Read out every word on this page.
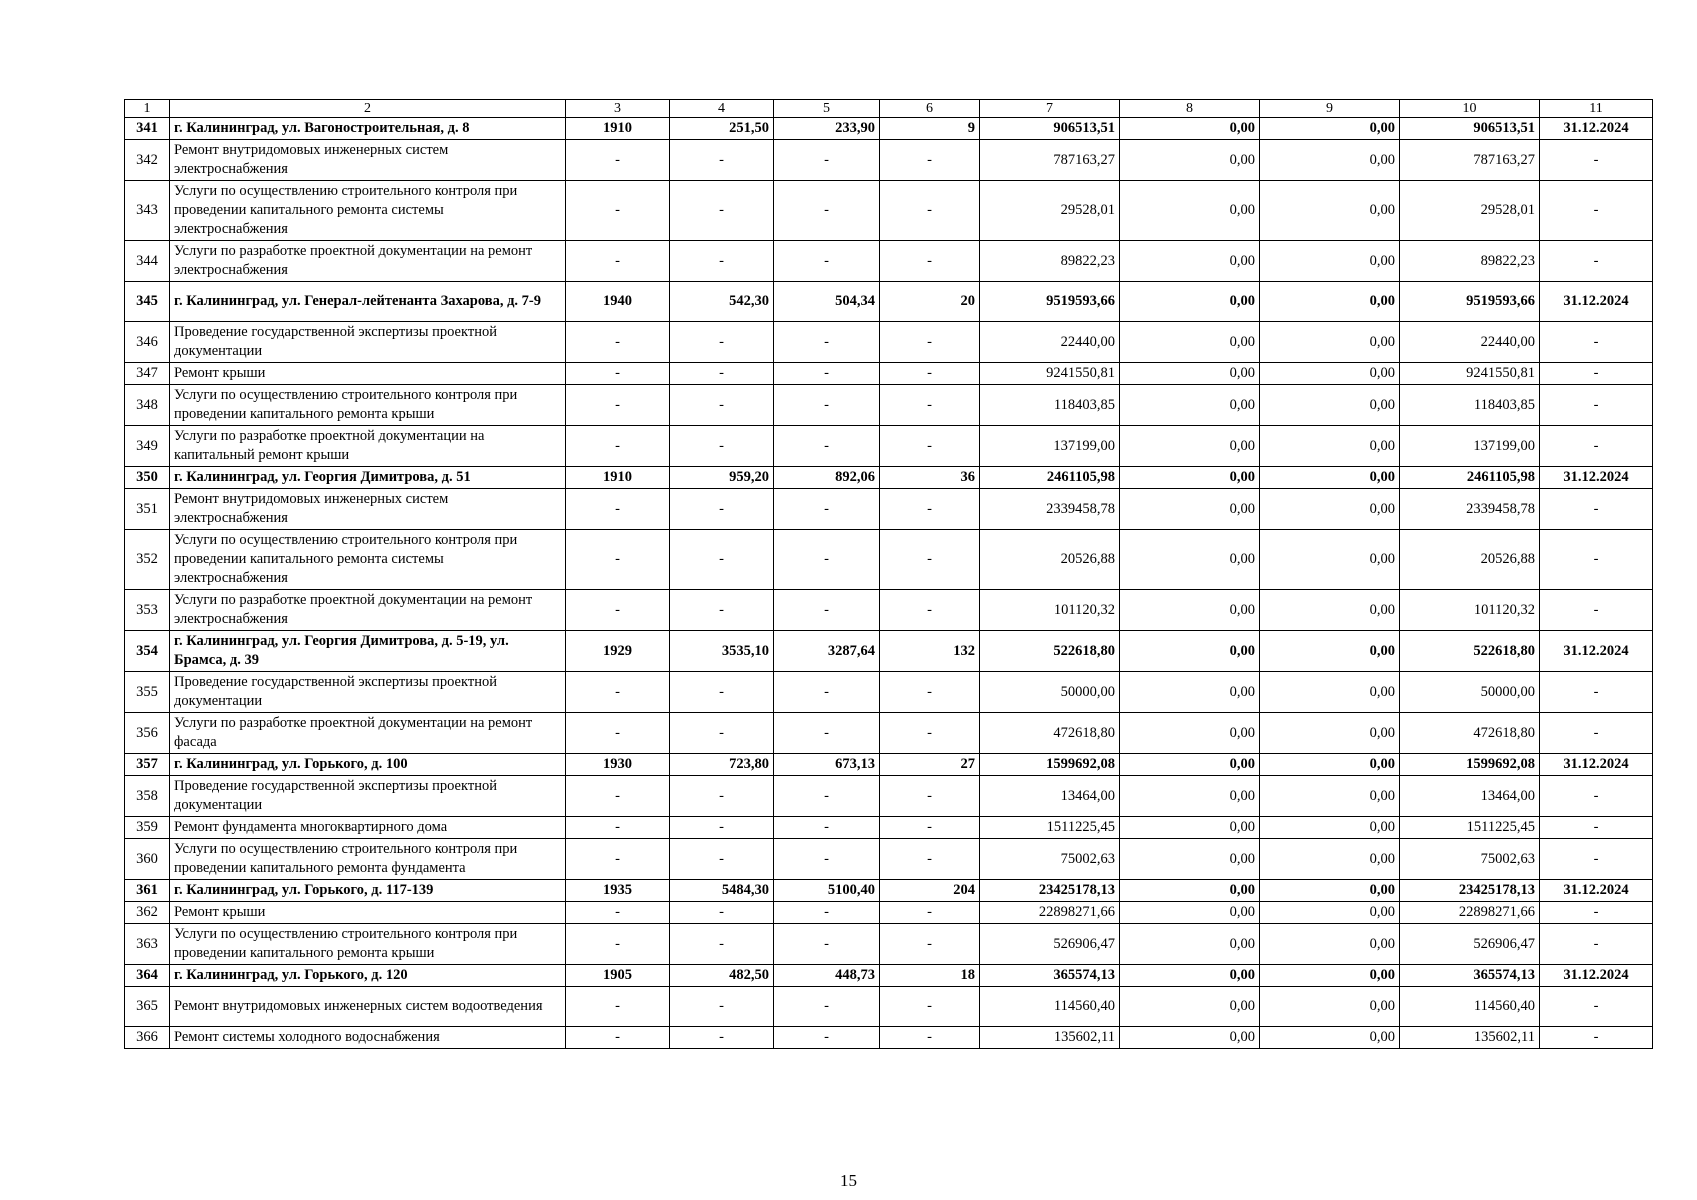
1	2	3	4	5	6	7	8	9	10	11
341	г. Калининград, ул. Вагоностроительная, д. 8	1910	251,50	233,90	9	906513,51	0,00	0,00	906513,51	31.12.2024
342	Ремонт внутридомовых инженерных систем электроснабжения	-	-	-	-	787163,27	0,00	0,00	787163,27	-
343	Услуги по осуществлению строительного контроля при проведении капитального ремонта системы электроснабжения	-	-	-	-	29528,01	0,00	0,00	29528,01	-
344	Услуги по разработке проектной документации на ремонт электроснабжения	-	-	-	-	89822,23	0,00	0,00	89822,23	-
345	г. Калининград, ул. Генерал-лейтенанта Захарова, д. 7-9	1940	542,30	504,34	20	9519593,66	0,00	0,00	9519593,66	31.12.2024
346	Проведение государственной экспертизы проектной документации	-	-	-	-	22440,00	0,00	0,00	22440,00	-
347	Ремонт крыши	-	-	-	-	9241550,81	0,00	0,00	9241550,81	-
348	Услуги по осуществлению строительного контроля при проведении капитального ремонта крыши	-	-	-	-	118403,85	0,00	0,00	118403,85	-
349	Услуги по разработке проектной документации на капитальный ремонт крыши	-	-	-	-	137199,00	0,00	0,00	137199,00	-
350	г. Калининград, ул. Георгия Димитрова, д. 51	1910	959,20	892,06	36	2461105,98	0,00	0,00	2461105,98	31.12.2024
351	Ремонт внутридомовых инженерных систем электроснабжения	-	-	-	-	2339458,78	0,00	0,00	2339458,78	-
352	Услуги по осуществлению строительного контроля при проведении капитального ремонта системы электроснабжения	-	-	-	-	20526,88	0,00	0,00	20526,88	-
353	Услуги по разработке проектной документации на ремонт электроснабжения	-	-	-	-	101120,32	0,00	0,00	101120,32	-
354	г. Калининград, ул. Георгия Димитрова, д. 5-19, ул. Брамса, д. 39	1929	3535,10	3287,64	132	522618,80	0,00	0,00	522618,80	31.12.2024
355	Проведение государственной экспертизы проектной документации	-	-	-	-	50000,00	0,00	0,00	50000,00	-
356	Услуги по разработке проектной документации на ремонт фасада	-	-	-	-	472618,80	0,00	0,00	472618,80	-
357	г. Калининград, ул. Горького, д. 100	1930	723,80	673,13	27	1599692,08	0,00	0,00	1599692,08	31.12.2024
358	Проведение государственной экспертизы проектной документации	-	-	-	-	13464,00	0,00	0,00	13464,00	-
359	Ремонт фундамента многоквартирного дома	-	-	-	-	1511225,45	0,00	0,00	1511225,45	-
360	Услуги по осуществлению строительного контроля при проведении капитального ремонта фундамента	-	-	-	-	75002,63	0,00	0,00	75002,63	-
361	г. Калининград, ул. Горького, д. 117-139	1935	5484,30	5100,40	204	23425178,13	0,00	0,00	23425178,13	31.12.2024
362	Ремонт крыши	-	-	-	-	22898271,66	0,00	0,00	22898271,66	-
363	Услуги по осуществлению строительного контроля при проведении капитального ремонта крыши	-	-	-	-	526906,47	0,00	0,00	526906,47	-
364	г. Калининград, ул. Горького, д. 120	1905	482,50	448,73	18	365574,13	0,00	0,00	365574,13	31.12.2024
365	Ремонт внутридомовых инженерных систем водоотведения	-	-	-	-	114560,40	0,00	0,00	114560,40	-
366	Ремонт системы холодного водоснабжения	-	-	-	-	135602,11	0,00	0,00	135602,11	-
15
